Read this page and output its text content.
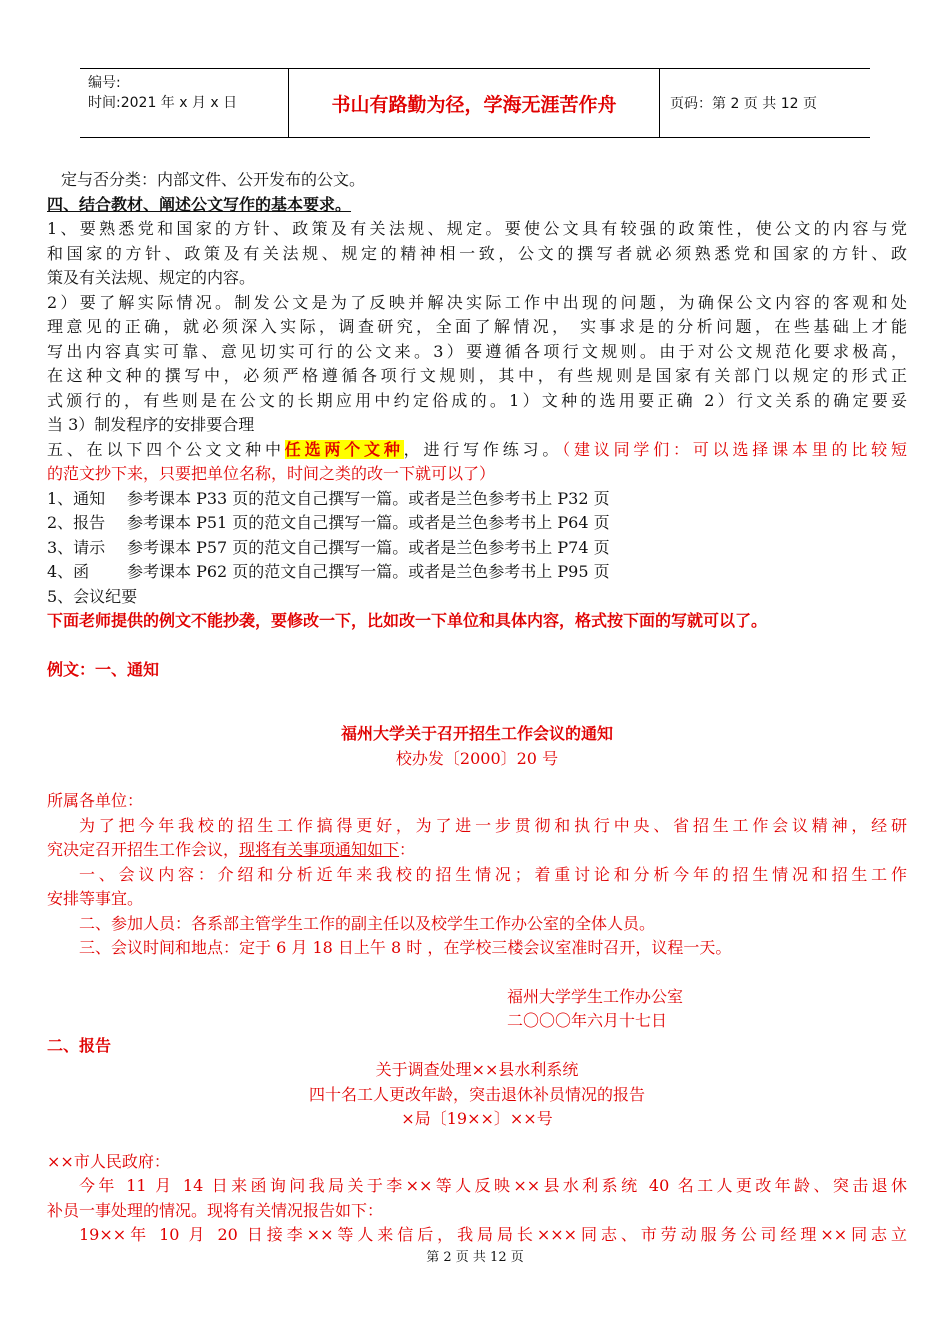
编号:
时间:2021 年 x 月 x 日	书山有路勤为径，学海无涯苦作舟	页码：第 2 页 共 12 页

定与否分类：内部文件、公开发布的公文。

四、结合教材、阐述公文写作的基本要求。

1、要熟悉党和国家的方针、政策及有关法规、规定。要使公文具有较强的政策性，使公文的内容与党

和国家的方针、政策及有关法规、规定的精神相一致，公文的撰写者就必须熟悉党和国家的方针、政

策及有关法规、规定的内容。

2）要了解实际情况。制发公文是为了反映并解决实际工作中出现的问题，为确保公文内容的客观和处

理意见的正确，就必须深入实际，调查研究，全面了解情况， 实事求是的分析问题，在些基础上才能

写出内容真实可靠、意见切实可行的公文来。3）要遵循各项行文规则。由于对公文规范化要求极高，

在这种文种的撰写中，必须严格遵循各项行文规则，其中，有些规则是国家有关部门以规定的形式正

式颁行的，有些则是在公文的长期应用中约定俗成的。1）文种的选用要正确 2）行文关系的确定要妥

当 3）制发程序的安排要合理

五、在以下四个公文文种中任选两个文种，进行写作练习。（建议同学们：可以选择课本里的比较短

的范文抄下来，只要把单位名称，时间之类的改一下就可以了）

1、通知	参考课本 P33 页的范文自己撰写一篇。或者是兰色参考书上 P32 页
2、报告	参考课本 P51 页的范文自己撰写一篇。或者是兰色参考书上 P64 页
3、请示	参考课本 P57 页的范文自己撰写一篇。或者是兰色参考书上 P74 页
4、函	参考课本 P62 页的范文自己撰写一篇。或者是兰色参考书上 P95 页

5、会议纪要

下面老师提供的例文不能抄袭，要修改一下，比如改一下单位和具体内容，格式按下面的写就可以了。

例文：一、通知

福州大学关于召开招生工作会议的通知

校办发〔2000〕20 号

所属各单位：

为了把今年我校的招生工作搞得更好，为了进一步贯彻和执行中央、省招生工作会议精神，经研

究决定召开招生工作会议，现将有关事项通知如下：

一、会议内容：介绍和分析近年来我校的招生情况；着重讨论和分析今年的招生情况和招生工作

安排等事宜。

二、参加人员：各系部主管学生工作的副主任以及校学生工作办公室的全体人员。

三、会议时间和地点：定于 6 月 18 日上午 8 时 ，在学校三楼会议室准时召开，议程一天。

福州大学学生工作办公室

二〇〇〇年六月十七日

二、报告

关于调查处理××县水利系统

四十名工人更改年龄，突击退休补员情况的报告

×局〔19××〕××号

××市人民政府：

今年 11 月 14 日来函询问我局关于李××等人反映××县水利系统 40 名工人更改年龄、突击退休

补员一事处理的情况。现将有关情况报告如下：

19××年 10 月 20 日接李××等人来信后，我局局长×××同志、市劳动服务公司经理××同志立

第 2 页 共 12 页
